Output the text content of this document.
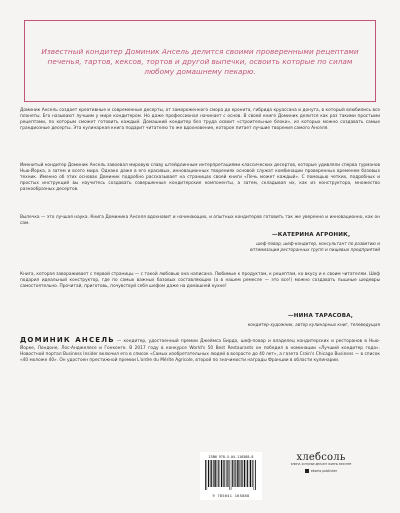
Известный кондитер Доминик Ансель делится своими проверенными рецептами печенья, тартов, кексов, тортов и другой выпечки, освоить которые по силам любому домашнему пекарю.
Доминик Ансель создает креативные и современные десерты, от замороженного смора до кронита, гибрида круассана и донута, в который влюбились все планеты. Его называют лучшим у мире кондитером. Но даже профессионал начинает с основ. В своей книге Доминик делится как раз такими простыми рецептами, по которым сможет готовить каждый. Домашний кондитер без труда освоит «строительные блоки», из которых можно создавать самые грандиозные десерты. Эта кулинарная книга подарит читателю то же вдохновение, которое питает лучшие творения самого Анселя.
Именитый кондитер Доминик Ансель завоевал мировую славу штейдлинным интерпретациями классических десертов, которые удивляли сперва гурманов Нью-Йорка, а затем и всего мира. Однако даже в его красивых, инновационных творениях основой служат комбинации проверенных временем базовых техник. Именно об этих основах Доминик подробно рассказывает на страницах своей книги «Печь может каждый». С помощью четких, подробных и простых инструкций вы научитесь создавать совершенные кондитерские компоненты, а затем, складывая их, как из конструктора, множество разнообразных десертов.
Выпечка — это лучшая наука. Книга Доминика Анселя вдохновит и начинающих, и опытных кондитеров готовить так же уверенно и инновационно, как он сам.
—КАТЕРИНА АГРОНИК,
шеф-повар, шеф-кондитер, консультант по развитию и оптимизации ресторанных групп и пищевых предприятий
Книга, которая завораживает с первой страницы — с такой любовью она написана. Любимые к продуктам, к рецептам, ко вкусу и к своим читателям. Шеф подарил идеальный конструктор, где по самых важных базовых составляющих (а в нашем ремесле — это все!) можно создавать пышные шедевры самостоятельно. Прочитай, приготовь, почувствуй себя шефом даже на домашней кухне!
—НИНА ТАРАСОВА,
кондитер-художник, автор кулинарных книг, телеведущая
ДОМИНИК АНСЕЛЬ — кондитер, удостоенный премии Джеймса Бирда, шеф-повар и владелец кондитерских и ресторанов в Нью-Йорке, Лондоне, Лос-Анджелесе и Гонконге. В 2017 году в конкурсе World's 50 Best Restaurants он победил в номинации «Лучший кондитер года». Новостной портал Business Insider включил его в список «Самых изобретательных людей в возрасте до 40 лет», а газета Crain's Chicago Business — в список «40 моложе 40». Он удостоен престижной премии L'ordre du Mérite Agricole, второй по значимости награды Франции в области кулинарии.
ISBN 978-5-04-116588-8
9 785041 165888
хлебсоль
КНИГИ, КОТОРЫЕ ДЕЛАЮТ ЖИЗНЬ ВКУСНЕЕ
eksmo publisher
